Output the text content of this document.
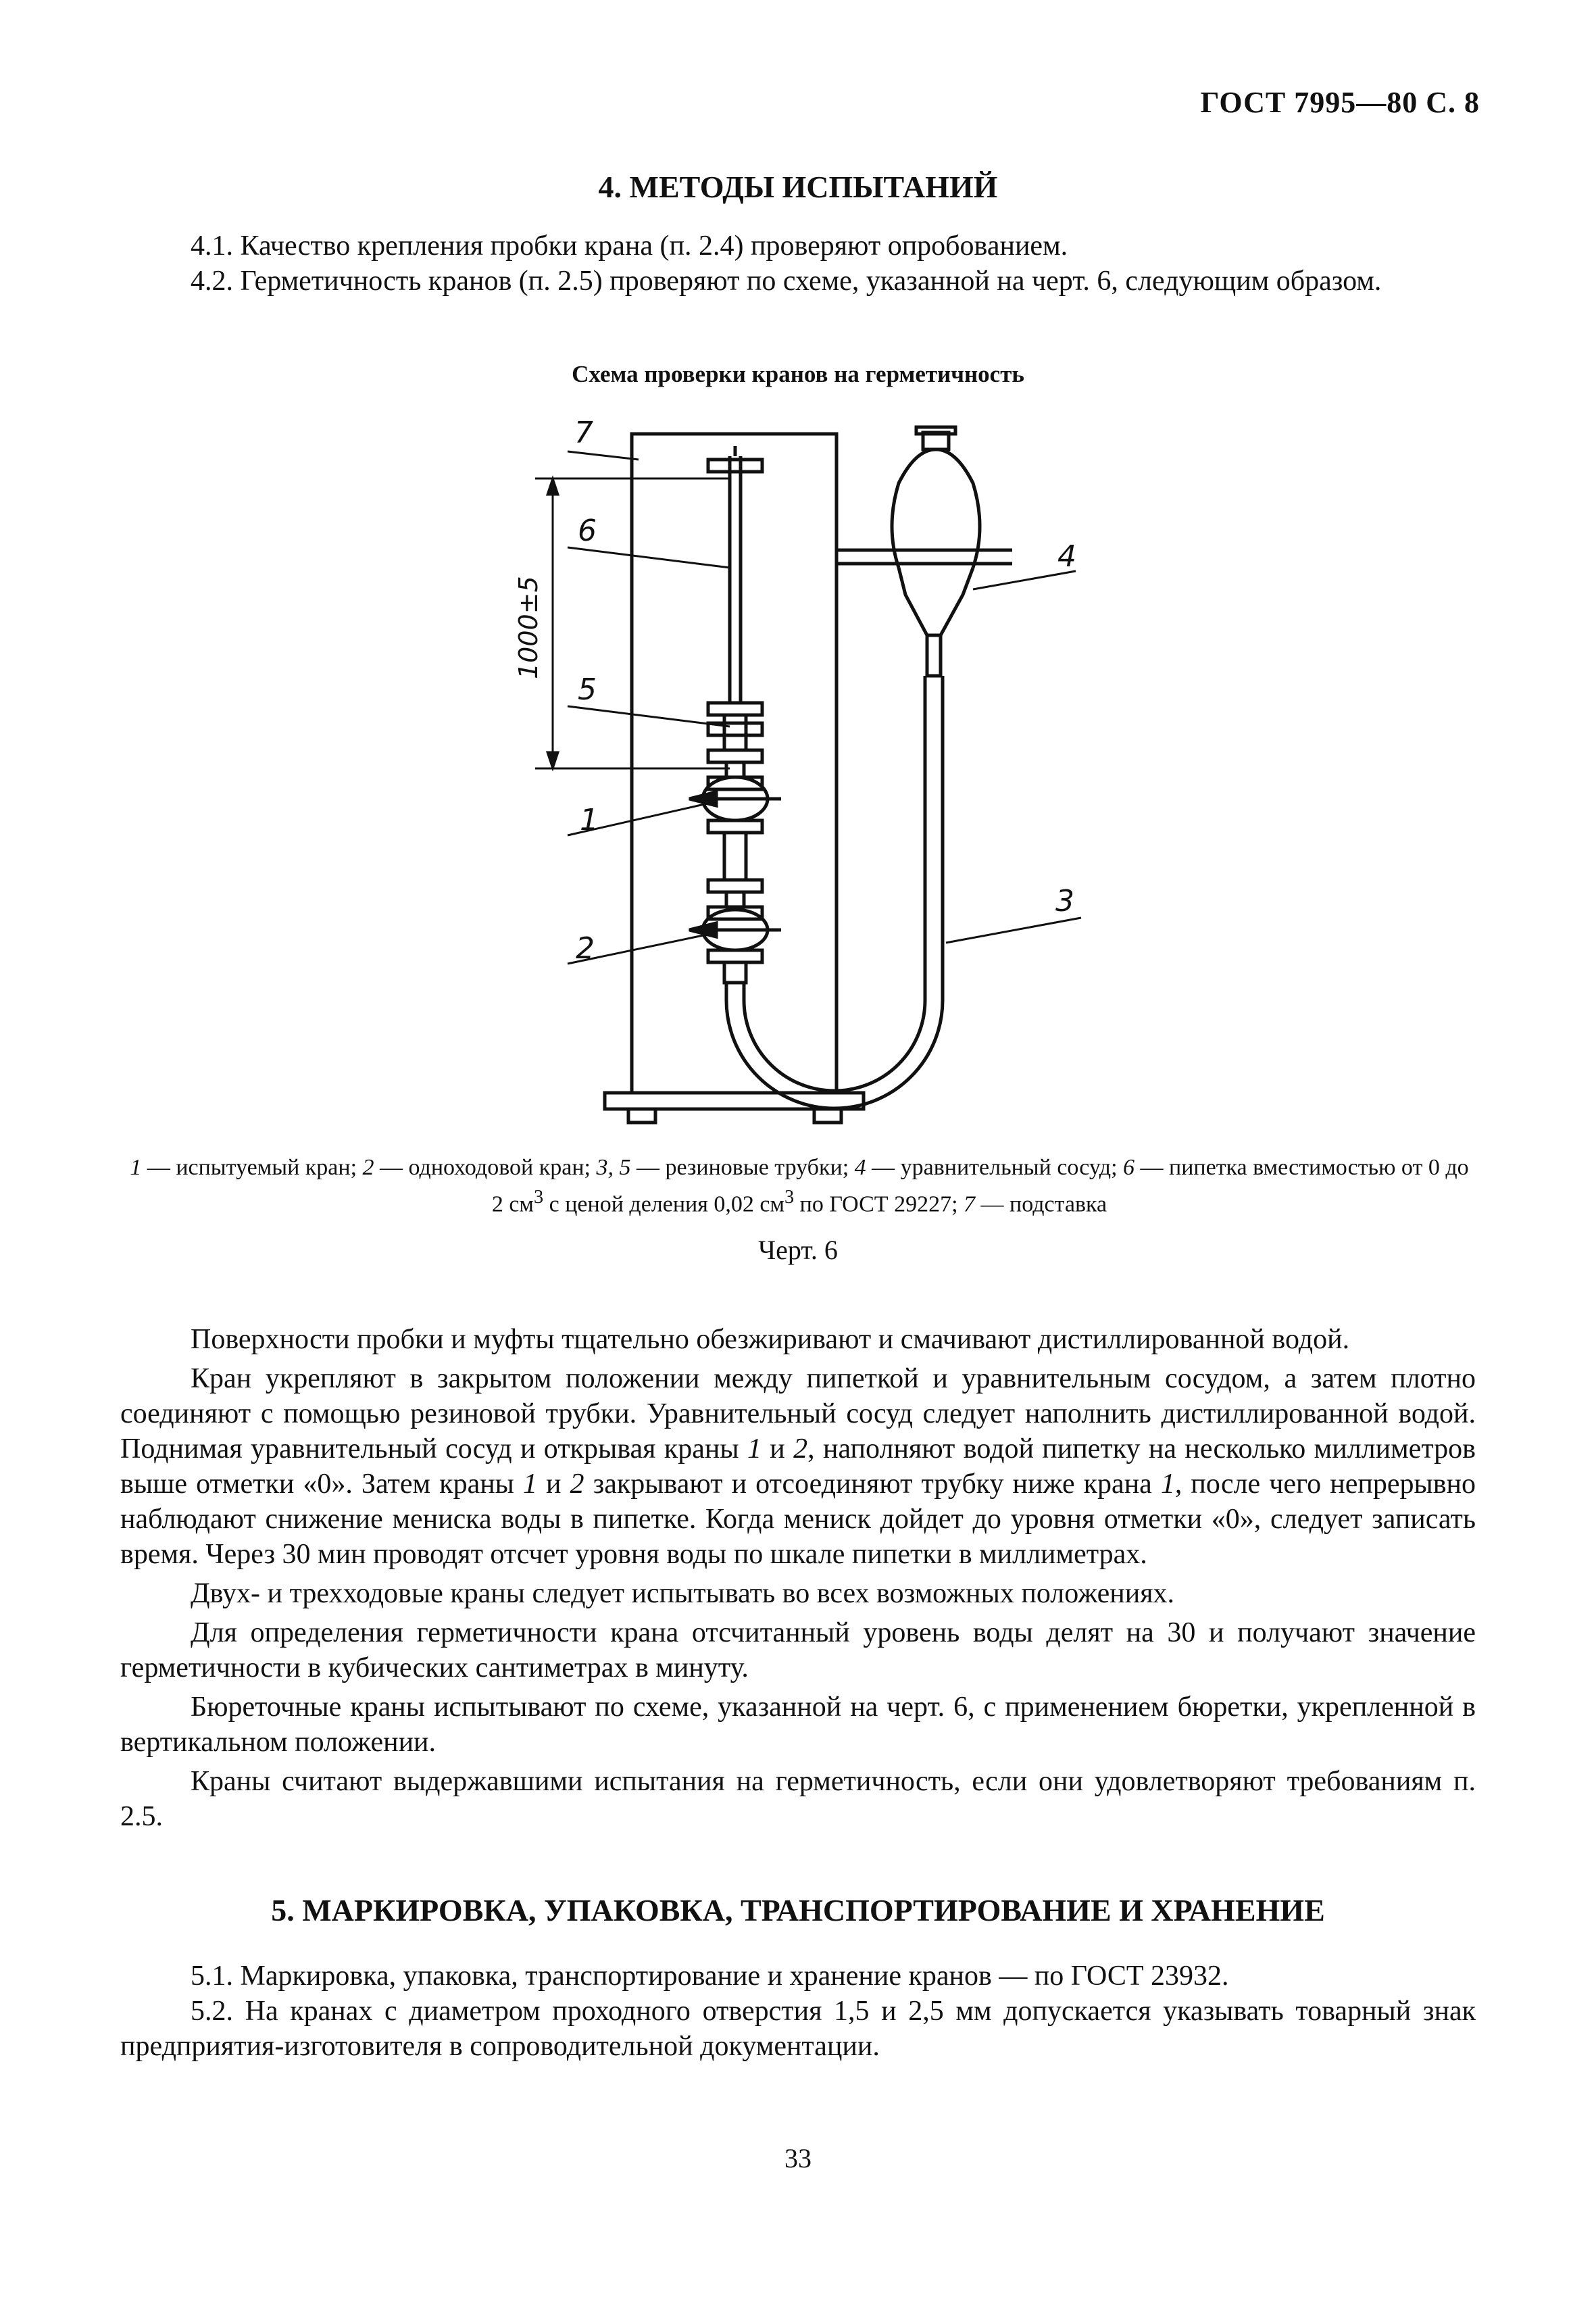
ГОСТ 7995—80 С. 8
4. МЕТОДЫ ИСПЫТАНИЙ

4.1. Качество крепления пробки крана (п. 2.4) проверяют опробованием.

4.2. Герметичность кранов (п. 2.5) проверяют по схеме, указанной на черт. 6, следующим образом.

Схема проверки кранов на герметичность
7
6
5
1
2
4
3
1000±5
1 — испытуемый кран; 2 — одноходовой кран; 3, 5 — резиновые трубки; 4 — уравнительный сосуд; 6 — пипетка вместимостью от 0 до 2 $см^3$ с ценой деления 0,02 $см^3$ по ГОСТ 29227; 7 — подставка
Черт. 6

Поверхности пробки и муфты тщательно обезжиривают и смачивают дистиллированной водой.

Кран укрепляют в закрытом положении между пипеткой и уравнительным сосудом, а затем плотно соединяют с помощью резиновой трубки. Уравнительный сосуд следует наполнить дистиллированной водой. Поднимая уравнительный сосуд и открывая краны 1 и 2, наполняют водой пипетку на несколько миллиметров выше отметки «0». Затем краны 1 и 2 закрывают и отсоединяют трубку ниже крана 1, после чего непрерывно наблюдают снижение мениска воды в пипетке. Когда мениск дойдет до уровня отметки «0», следует записать время. Через 30 мин проводят отсчет уровня воды по шкале пипетки в миллиметрах.

Двух- и трехходовые краны следует испытывать во всех возможных положениях.

Для определения герметичности крана отсчитанный уровень воды делят на 30 и получают значение герметичности в кубических сантиметрах в минуту.

Бюреточные краны испытывают по схеме, указанной на черт. 6, с применением бюретки, укрепленной в вертикальном положении.

Краны считают выдержавшими испытания на герметичность, если они удовлетворяют требованиям п. 2.5.

5. МАРКИРОВКА, УПАКОВКА, ТРАНСПОРТИРОВАНИЕ И ХРАНЕНИЕ

5.1. Маркировка, упаковка, транспортирование и хранение кранов — по ГОСТ 23932.

5.2. На кранах с диаметром проходного отверстия 1,5 и 2,5 мм допускается указывать товарный знак предприятия-изготовителя в сопроводительной документации.

33
